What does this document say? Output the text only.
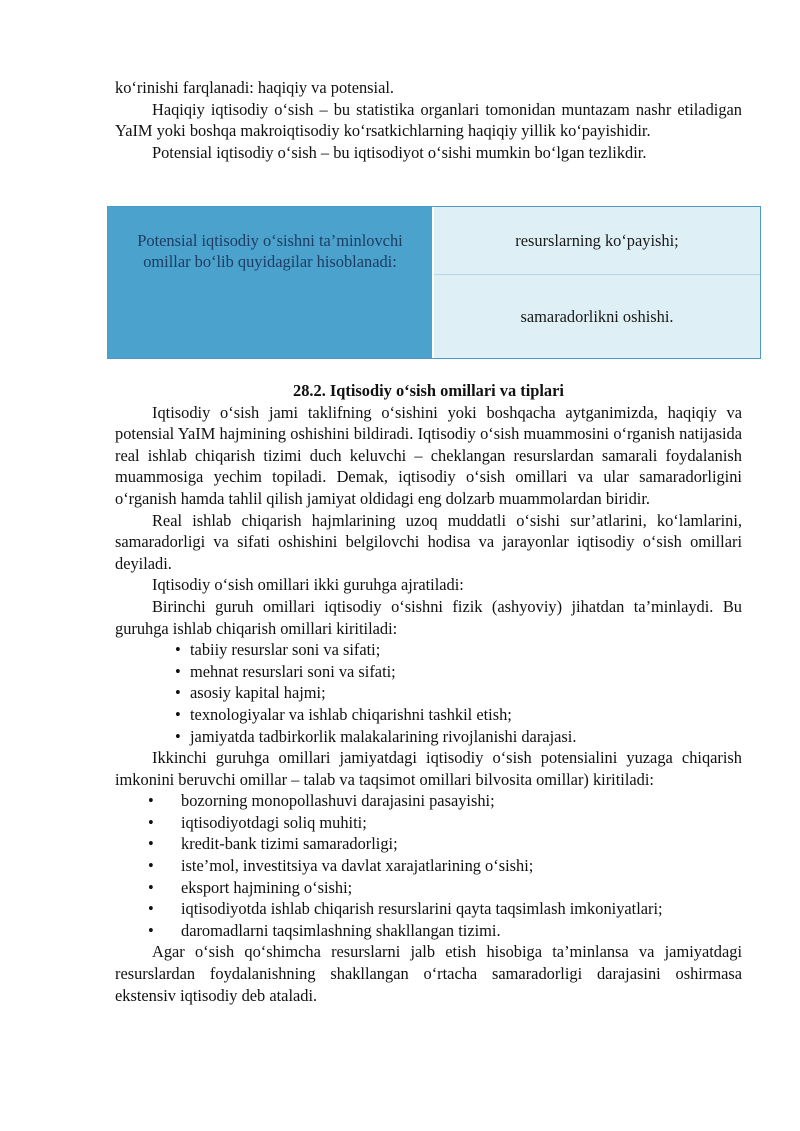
ko‘rinishi farqlanadi: haqiqiy va potensial.

Haqiqiy iqtisodiy o‘sish – bu statistika organlari tomonidan muntazam nashr etiladigan YaIM yoki boshqa makroiqtisodiy ko‘rsatkichlarning haqiqiy yillik ko‘payishidir.

Potensial iqtisodiy o‘sish – bu iqtisodiyot o‘sishi mumkin bo‘lgan tezlikdir.

Potensial iqtisodiy o‘sishni ta’minlovchi omillar bo‘lib quyidagilar hisoblanadi:
resurslarning ko‘payishi;
samaradorlikni oshishi.

28.2. Iqtisodiy o‘sish omillari va tiplari

Iqtisodiy o‘sish jami taklifning o‘sishini yoki boshqacha aytganimizda, haqiqiy va potensial YaIM hajmining oshishini bildiradi. Iqtisodiy o‘sish muammosini o‘rganish natijasida real ishlab chiqarish tizimi duch keluvchi – cheklangan resurslardan samarali foydalanish muammosiga yechim topiladi. Demak, iqtisodiy o‘sish omillari va ular samaradorligini o‘rganish hamda tahlil qilish jamiyat oldidagi eng dolzarb muammolardan biridir.

Real ishlab chiqarish hajmlarining uzoq muddatli o‘sishi sur’atlarini, ko‘lamlarini, samaradorligi va sifati oshishini belgilovchi hodisa va jarayonlar iqtisodiy o‘sish omillari deyiladi.

Iqtisodiy o‘sish omillari ikki guruhga ajratiladi:

Birinchi guruh omillari iqtisodiy o‘sishni fizik (ashyoviy) jihatdan ta’minlaydi. Bu guruhga ishlab chiqarish omillari kiritiladi:

• tabiiy resurslar soni va sifati;
• mehnat resurslari soni va sifati;
• asosiy kapital hajmi;
• texnologiyalar va ishlab chiqarishni tashkil etish;
• jamiyatda tadbirkorlik malakalarining rivojlanishi darajasi.

Ikkinchi guruhga omillari jamiyatdagi iqtisodiy o‘sish potensialini yuzaga chiqarish imkonini beruvchi omillar – talab va taqsimot omillari bilvosita omillar) kiritiladi:

• bozorning monopollashuvi darajasini pasayishi;
• iqtisodiyotdagi soliq muhiti;
• kredit-bank tizimi samaradorligi;
• iste’mol, investitsiya va davlat xarajatlarining o‘sishi;
• eksport hajmining o‘sishi;
• iqtisodiyotda ishlab chiqarish resurslarini qayta taqsimlash imkoniyatlari;
• daromadlarni taqsimlashning shakllangan tizimi.

Agar o‘sish qo‘shimcha resurslarni jalb etish hisobiga ta’minlansa va jamiyatdagi resurslardan foydalanishning shakllangan o‘rtacha samaradorligi darajasini oshirmasa ekstensiv iqtisodiy deb ataladi.
